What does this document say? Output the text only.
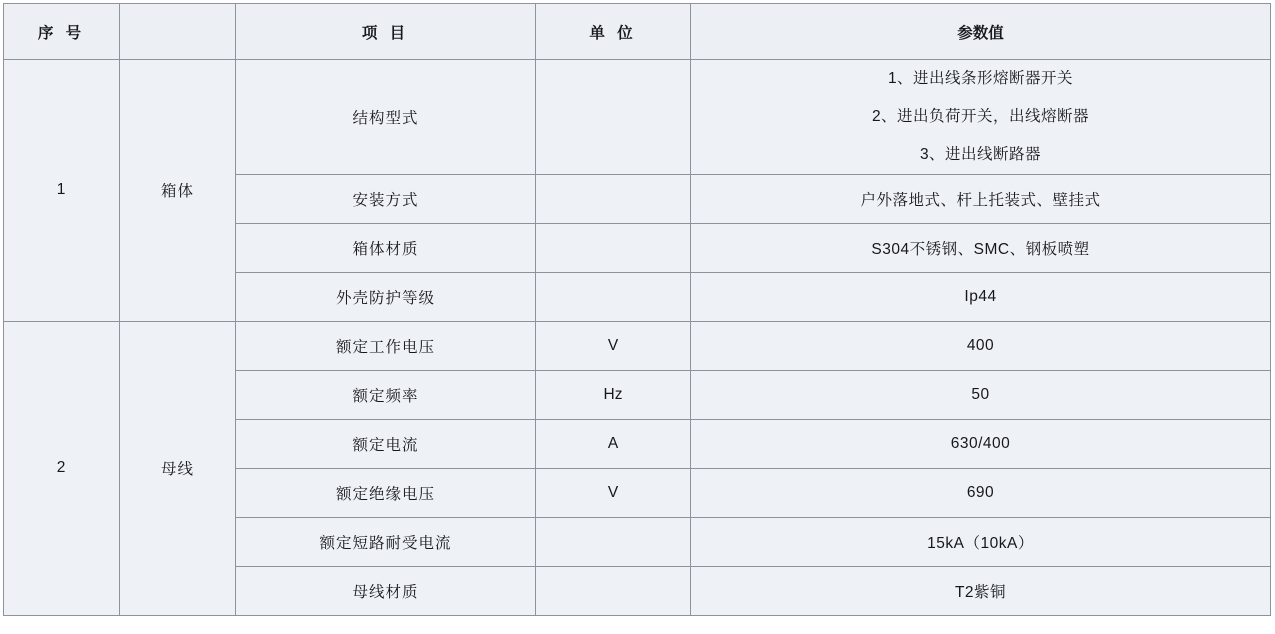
序 号		项 目	单 位	参数值
1	箱体	结构型式		1、进出线条形熔断器开关
2、进出负荷开关，出线熔断器
3、进出线断路器

		安装方式		户外落地式、杆上托装式、壁挂式
		箱体材质		S304不锈钢、SMC、钢板喷塑
		外壳防护等级		Ip44
2	母线	额定工作电压	V	400
		额定频率	Hz	50
		额定电流	A	630/400
		额定绝缘电压	V	690
		额定短路耐受电流		15kA（10kA）
		母线材质		T2紫铜
